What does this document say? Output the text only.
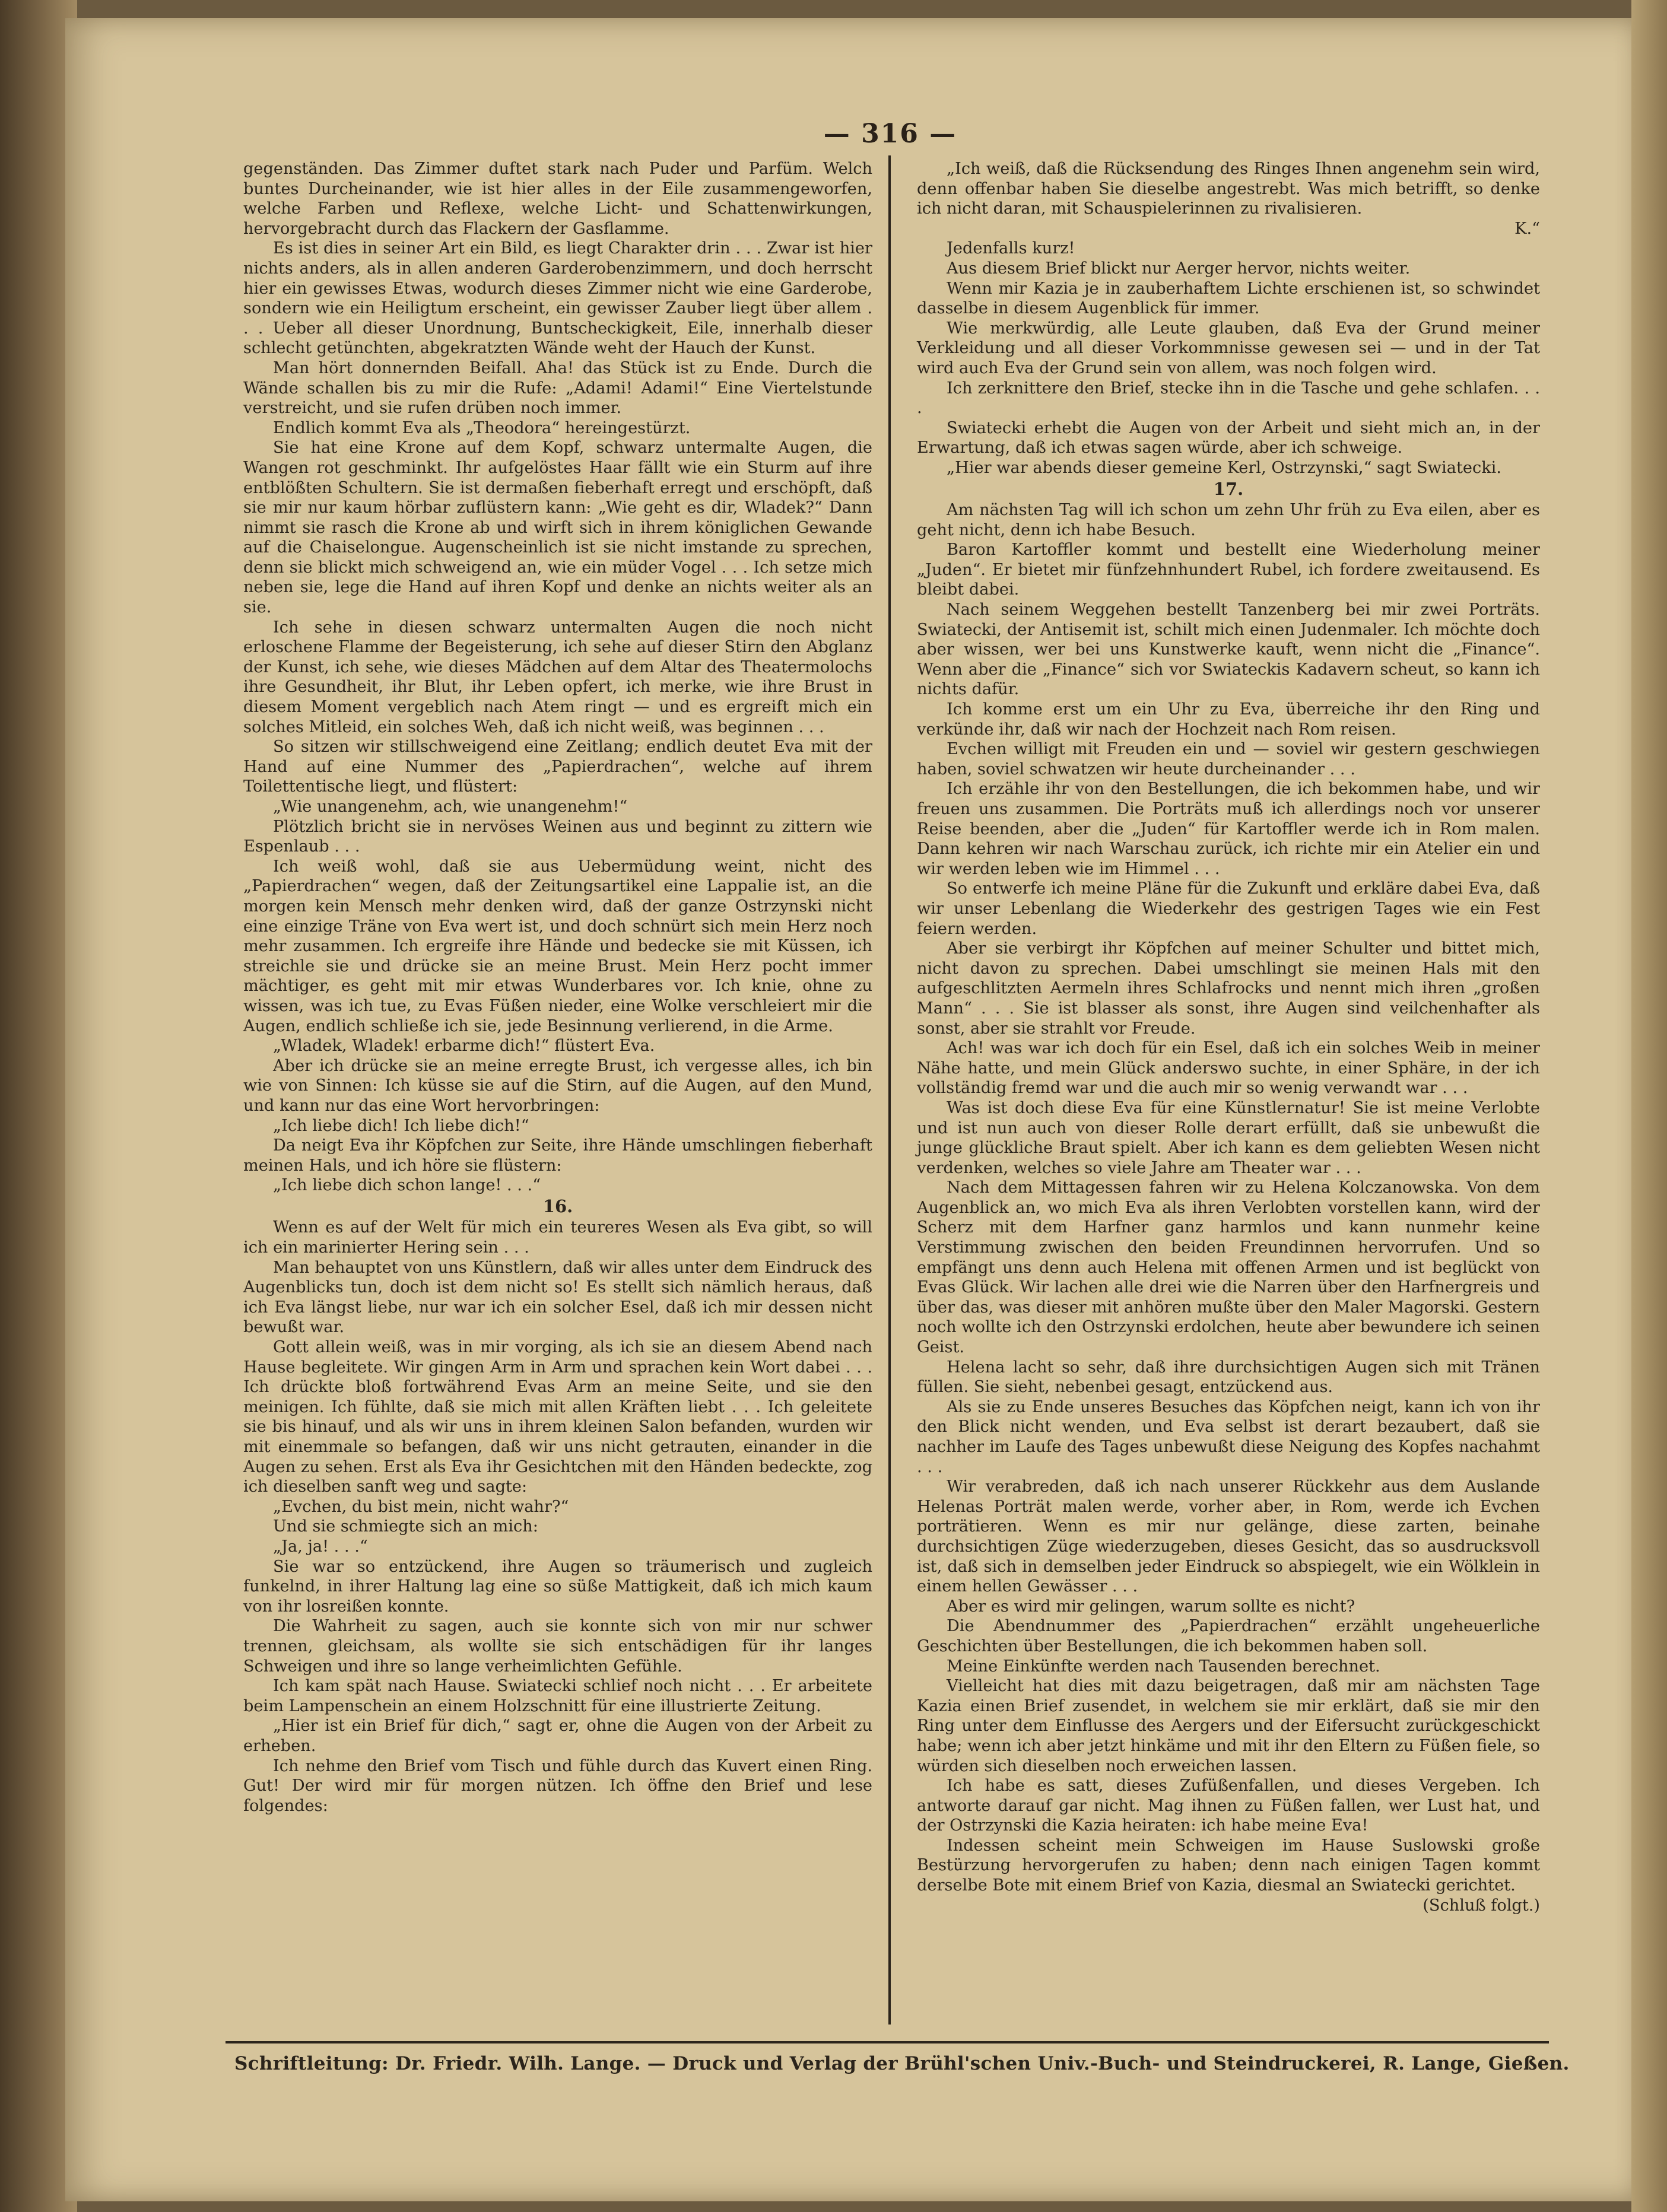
— 316 —

gegenständen. Das Zimmer duftet stark nach Puder und Parfüm. Welch buntes Durcheinander, wie ist hier alles in der Eile zusammengeworfen, welche Farben und Reflexe, welche Licht- und Schattenwirkungen, hervorgebracht durch das Flackern der Gasflamme.

Es ist dies in seiner Art ein Bild, es liegt Charakter drin . . . Zwar ist hier nichts anders, als in allen anderen Garderobenzimmern, und doch herrscht hier ein gewisses Etwas, wodurch dieses Zimmer nicht wie eine Garderobe, sondern wie ein Heiligtum erscheint, ein gewisser Zauber liegt über allem . . . Ueber all dieser Unordnung, Buntscheckigkeit, Eile, innerhalb dieser schlecht getünchten, abgekratzten Wände weht der Hauch der Kunst.

Man hört donnernden Beifall. Aha! das Stück ist zu Ende. Durch die Wände schallen bis zu mir die Rufe: „Adami! Adami!“ Eine Viertelstunde verstreicht, und sie rufen drüben noch immer.

Endlich kommt Eva als „Theodora“ hereingestürzt.

Sie hat eine Krone auf dem Kopf, schwarz untermalte Augen, die Wangen rot geschminkt. Ihr aufgelöstes Haar fällt wie ein Sturm auf ihre entblößten Schultern. Sie ist dermaßen fieberhaft erregt und erschöpft, daß sie mir nur kaum hörbar zuflüstern kann: „Wie geht es dir, Wladek?“ Dann nimmt sie rasch die Krone ab und wirft sich in ihrem königlichen Gewande auf die Chaiselongue. Augenscheinlich ist sie nicht imstande zu sprechen, denn sie blickt mich schweigend an, wie ein müder Vogel . . . Ich setze mich neben sie, lege die Hand auf ihren Kopf und denke an nichts weiter als an sie.

Ich sehe in diesen schwarz untermalten Augen die noch nicht erloschene Flamme der Begeisterung, ich sehe auf dieser Stirn den Abglanz der Kunst, ich sehe, wie dieses Mädchen auf dem Altar des Theatermolochs ihre Gesundheit, ihr Blut, ihr Leben opfert, ich merke, wie ihre Brust in diesem Moment vergeblich nach Atem ringt — und es ergreift mich ein solches Mitleid, ein solches Weh, daß ich nicht weiß, was beginnen . . .

So sitzen wir stillschweigend eine Zeitlang; endlich deutet Eva mit der Hand auf eine Nummer des „Papierdrachen“, welche auf ihrem Toilettentische liegt, und flüstert:

„Wie unangenehm, ach, wie unangenehm!“

Plötzlich bricht sie in nervöses Weinen aus und beginnt zu zittern wie Espenlaub . . .

Ich weiß wohl, daß sie aus Uebermüdung weint, nicht des „Papierdrachen“ wegen, daß der Zeitungsartikel eine Lappalie ist, an die morgen kein Mensch mehr denken wird, daß der ganze Ostrzynski nicht eine einzige Träne von Eva wert ist, und doch schnürt sich mein Herz noch mehr zusammen. Ich ergreife ihre Hände und bedecke sie mit Küssen, ich streichle sie und drücke sie an meine Brust. Mein Herz pocht immer mächtiger, es geht mit mir etwas Wunderbares vor. Ich knie, ohne zu wissen, was ich tue, zu Evas Füßen nieder, eine Wolke verschleiert mir die Augen, endlich schließe ich sie, jede Besinnung verlierend, in die Arme.

„Wladek, Wladek! erbarme dich!“ flüstert Eva.

Aber ich drücke sie an meine erregte Brust, ich vergesse alles, ich bin wie von Sinnen: Ich küsse sie auf die Stirn, auf die Augen, auf den Mund, und kann nur das eine Wort hervorbringen:

„Ich liebe dich! Ich liebe dich!“

Da neigt Eva ihr Köpfchen zur Seite, ihre Hände umschlingen fieberhaft meinen Hals, und ich höre sie flüstern:

„Ich liebe dich schon lange! . . .“

16.

Wenn es auf der Welt für mich ein teureres Wesen als Eva gibt, so will ich ein marinierter Hering sein . . .

Man behauptet von uns Künstlern, daß wir alles unter dem Eindruck des Augenblicks tun, doch ist dem nicht so! Es stellt sich nämlich heraus, daß ich Eva längst liebe, nur war ich ein solcher Esel, daß ich mir dessen nicht bewußt war.

Gott allein weiß, was in mir vorging, als ich sie an diesem Abend nach Hause begleitete. Wir gingen Arm in Arm und sprachen kein Wort dabei . . . Ich drückte bloß fortwährend Evas Arm an meine Seite, und sie den meinigen. Ich fühlte, daß sie mich mit allen Kräften liebt . . . Ich geleitete sie bis hinauf, und als wir uns in ihrem kleinen Salon befanden, wurden wir mit einemmale so befangen, daß wir uns nicht getrauten, einander in die Augen zu sehen. Erst als Eva ihr Gesichtchen mit den Händen bedeckte, zog ich dieselben sanft weg und sagte:

„Evchen, du bist mein, nicht wahr?“

Und sie schmiegte sich an mich:

„Ja, ja! . . .“

Sie war so entzückend, ihre Augen so träumerisch und zugleich funkelnd, in ihrer Haltung lag eine so süße Mattigkeit, daß ich mich kaum von ihr losreißen konnte.

Die Wahrheit zu sagen, auch sie konnte sich von mir nur schwer trennen, gleichsam, als wollte sie sich entschädigen für ihr langes Schweigen und ihre so lange verheimlichten Gefühle.

Ich kam spät nach Hause. Swiatecki schlief noch nicht . . . Er arbeitete beim Lampenschein an einem Holzschnitt für eine illustrierte Zeitung.

„Hier ist ein Brief für dich,“ sagt er, ohne die Augen von der Arbeit zu erheben.

Ich nehme den Brief vom Tisch und fühle durch das Kuvert einen Ring. Gut! Der wird mir für morgen nützen. Ich öffne den Brief und lese folgendes:

„Ich weiß, daß die Rücksendung des Ringes Ihnen angenehm sein wird, denn offenbar haben Sie dieselbe angestrebt. Was mich betrifft, so denke ich nicht daran, mit Schauspielerinnen zu rivalisieren.

K.“

Jedenfalls kurz!

Aus diesem Brief blickt nur Aerger hervor, nichts weiter.

Wenn mir Kazia je in zauberhaftem Lichte erschienen ist, so schwindet dasselbe in diesem Augenblick für immer.

Wie merkwürdig, alle Leute glauben, daß Eva der Grund meiner Verkleidung und all dieser Vorkommnisse gewesen sei — und in der Tat wird auch Eva der Grund sein von allem, was noch folgen wird.

Ich zerknittere den Brief, stecke ihn in die Tasche und gehe schlafen. . . .

Swiatecki erhebt die Augen von der Arbeit und sieht mich an, in der Erwartung, daß ich etwas sagen würde, aber ich schweige.

„Hier war abends dieser gemeine Kerl, Ostrzynski,“ sagt Swiatecki.

17.

Am nächsten Tag will ich schon um zehn Uhr früh zu Eva eilen, aber es geht nicht, denn ich habe Besuch.

Baron Kartoffler kommt und bestellt eine Wiederholung meiner „Juden“. Er bietet mir fünfzehnhundert Rubel, ich fordere zweitausend. Es bleibt dabei.

Nach seinem Weggehen bestellt Tanzenberg bei mir zwei Porträts. Swiatecki, der Antisemit ist, schilt mich einen Judenmaler. Ich möchte doch aber wissen, wer bei uns Kunstwerke kauft, wenn nicht die „Finance“. Wenn aber die „Finance“ sich vor Swiateckis Kadavern scheut, so kann ich nichts dafür.

Ich komme erst um ein Uhr zu Eva, überreiche ihr den Ring und verkünde ihr, daß wir nach der Hochzeit nach Rom reisen.

Evchen willigt mit Freuden ein und — soviel wir gestern geschwiegen haben, soviel schwatzen wir heute durcheinander . . .

Ich erzähle ihr von den Bestellungen, die ich bekommen habe, und wir freuen uns zusammen. Die Porträts muß ich allerdings noch vor unserer Reise beenden, aber die „Juden“ für Kartoffler werde ich in Rom malen. Dann kehren wir nach Warschau zurück, ich richte mir ein Atelier ein und wir werden leben wie im Himmel . . .

So entwerfe ich meine Pläne für die Zukunft und erkläre dabei Eva, daß wir unser Lebenlang die Wiederkehr des gestrigen Tages wie ein Fest feiern werden.

Aber sie verbirgt ihr Köpfchen auf meiner Schulter und bittet mich, nicht davon zu sprechen. Dabei umschlingt sie meinen Hals mit den aufgeschlitzten Aermeln ihres Schlafrocks und nennt mich ihren „großen Mann“ . . . Sie ist blasser als sonst, ihre Augen sind veilchenhafter als sonst, aber sie strahlt vor Freude.

Ach! was war ich doch für ein Esel, daß ich ein solches Weib in meiner Nähe hatte, und mein Glück anderswo suchte, in einer Sphäre, in der ich vollständig fremd war und die auch mir so wenig verwandt war . . .

Was ist doch diese Eva für eine Künstlernatur! Sie ist meine Verlobte und ist nun auch von dieser Rolle derart erfüllt, daß sie unbewußt die junge glückliche Braut spielt. Aber ich kann es dem geliebten Wesen nicht verdenken, welches so viele Jahre am Theater war . . .

Nach dem Mittagessen fahren wir zu Helena Kolczanowska. Von dem Augenblick an, wo mich Eva als ihren Verlobten vorstellen kann, wird der Scherz mit dem Harfner ganz harmlos und kann nunmehr keine Verstimmung zwischen den beiden Freundinnen hervorrufen. Und so empfängt uns denn auch Helena mit offenen Armen und ist beglückt von Evas Glück. Wir lachen alle drei wie die Narren über den Harfnergreis und über das, was dieser mit anhören mußte über den Maler Magorski. Gestern noch wollte ich den Ostrzynski erdolchen, heute aber bewundere ich seinen Geist.

Helena lacht so sehr, daß ihre durchsichtigen Augen sich mit Tränen füllen. Sie sieht, nebenbei gesagt, entzückend aus.

Als sie zu Ende unseres Besuches das Köpfchen neigt, kann ich von ihr den Blick nicht wenden, und Eva selbst ist derart bezaubert, daß sie nachher im Laufe des Tages unbewußt diese Neigung des Kopfes nachahmt . . .

Wir verabreden, daß ich nach unserer Rückkehr aus dem Auslande Helenas Porträt malen werde, vorher aber, in Rom, werde ich Evchen porträtieren. Wenn es mir nur gelänge, diese zarten, beinahe durchsichtigen Züge wiederzugeben, dieses Gesicht, das so ausdrucksvoll ist, daß sich in demselben jeder Eindruck so abspiegelt, wie ein Wölklein in einem hellen Gewässer . . .

Aber es wird mir gelingen, warum sollte es nicht?

Die Abendnummer des „Papierdrachen“ erzählt ungeheuerliche Geschichten über Bestellungen, die ich bekommen haben soll.

Meine Einkünfte werden nach Tausenden berechnet.

Vielleicht hat dies mit dazu beigetragen, daß mir am nächsten Tage Kazia einen Brief zusendet, in welchem sie mir erklärt, daß sie mir den Ring unter dem Einflusse des Aergers und der Eifersucht zurückgeschickt habe; wenn ich aber jetzt hinkäme und mit ihr den Eltern zu Füßen fiele, so würden sich dieselben noch erweichen lassen.

Ich habe es satt, dieses Zufüßenfallen, und dieses Vergeben. Ich antworte darauf gar nicht. Mag ihnen zu Füßen fallen, wer Lust hat, und der Ostrzynski die Kazia heiraten: ich habe meine Eva!

Indessen scheint mein Schweigen im Hause Suslowski große Bestürzung hervorgerufen zu haben; denn nach einigen Tagen kommt derselbe Bote mit einem Brief von Kazia, diesmal an Swiatecki gerichtet.

(Schluß folgt.)

Schriftleitung: Dr. Friedr. Wilh. Lange. — Druck und Verlag der Brühl'schen Univ.-Buch- und Steindruckerei, R. Lange, Gießen.
